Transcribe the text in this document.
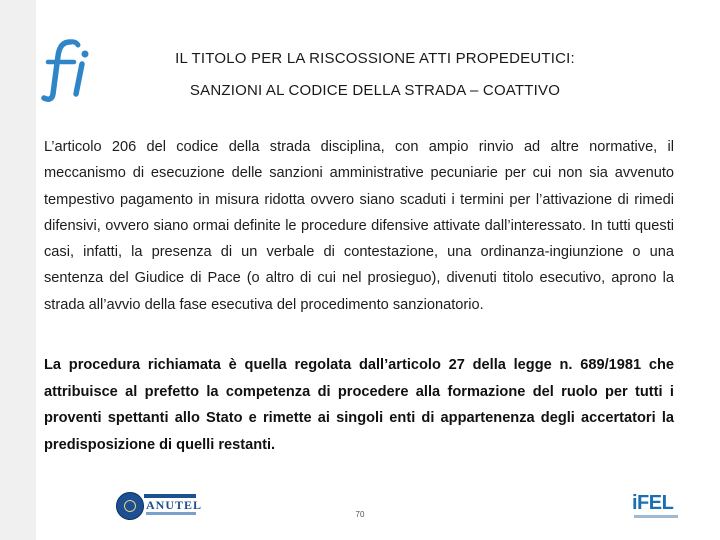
IL TITOLO PER LA RISCOSSIONE ATTI PROPEDEUTICI:
SANZIONI AL CODICE DELLA STRADA – COATTIVO

L’articolo 206 del codice della strada disciplina, con ampio rinvio ad altre normative, il meccanismo di esecuzione delle sanzioni amministrative pecuniarie per cui non sia avvenuto tempestivo pagamento in misura ridotta ovvero siano scaduti i termini per l’attivazione di rimedi difensivi, ovvero siano ormai definite le procedure difensive attivate dall’interessato. In tutti questi casi, infatti, la presenza di un verbale di contestazione, una ordinanza-ingiunzione o una sentenza del Giudice di Pace (o altro di cui nel prosieguo), divenuti titolo esecutivo, aprono la strada all’avvio della fase esecutiva del procedimento sanzionatorio.

La procedura richiamata è quella regolata dall’articolo 27 della legge n. 689/1981 che attribuisce al prefetto la competenza di procedere alla formazione del ruolo per tutti i proventi spettanti allo Stato e rimette ai singoli enti di appartenenza degli accertatori la predisposizione di quelli restanti.

ANUTEL
70
iFEL
